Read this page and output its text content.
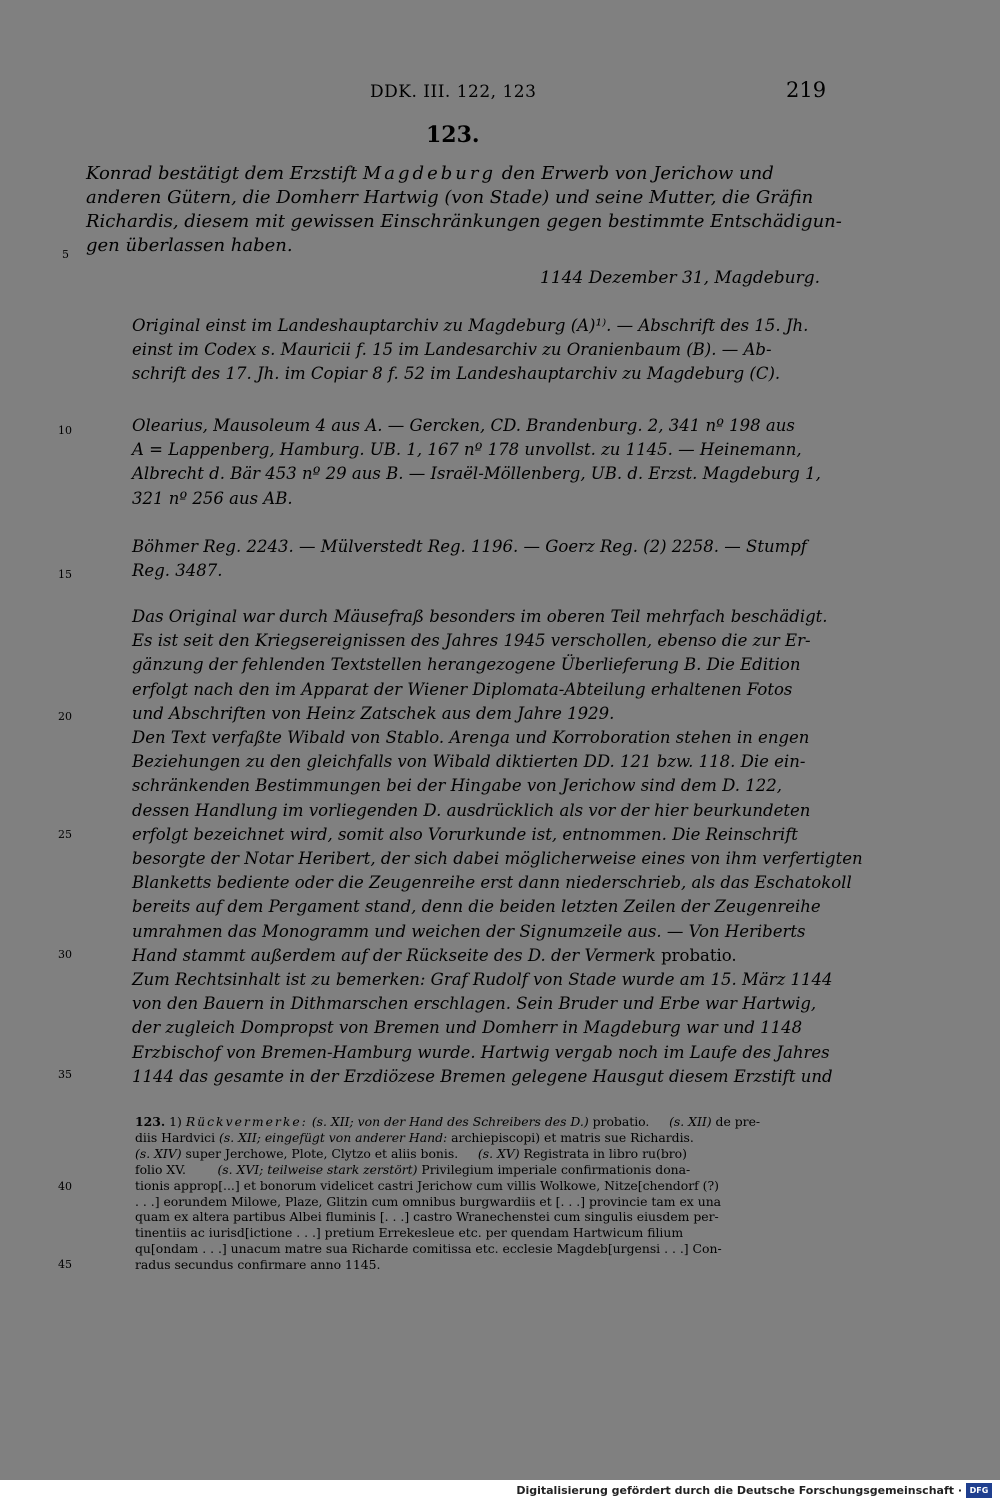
DDK. III. 122, 123	219
123.
Konrad bestätigt dem Erzstift Magdeburg den Erwerb von Jerichow und
anderen Gütern, die Domherr Hartwig (von Stade) und seine Mutter, die Gräfin
Richardis, diesem mit gewissen Einschränkungen gegen bestimmte Entschädigun-
gen überlassen haben.
1144 Dezember 31, Magdeburg.
Original einst im Landeshauptarchiv zu Magdeburg (A)¹⁾. — Abschrift des 15. Jh.
einst im Codex s. Mauricii f. 15 im Landesarchiv zu Oranienbaum (B). — Ab-
schrift des 17. Jh. im Copiar 8 f. 52 im Landeshauptarchiv zu Magdeburg (C).
Olearius, Mausoleum 4 aus A. — Gercken, CD. Brandenburg. 2, 341 nº 198 aus
A = Lappenberg, Hamburg. UB. 1, 167 nº 178 unvollst. zu 1145. — Heinemann,
Albrecht d. Bär 453 nº 29 aus B. — Israël-Möllenberg, UB. d. Erzst. Magdeburg 1,
321 nº 256 aus AB.
Böhmer Reg. 2243. — Mülverstedt Reg. 1196. — Goerz Reg. (2) 2258. — Stumpf
Reg. 3487.
Das Original war durch Mäusefraß besonders im oberen Teil mehrfach beschädigt.
Es ist seit den Kriegsereignissen des Jahres 1945 verschollen, ebenso die zur Er-
gänzung der fehlenden Textstellen herangezogene Überlieferung B. Die Edition
erfolgt nach den im Apparat der Wiener Diplomata-Abteilung erhaltenen Fotos
und Abschriften von Heinz Zatschek aus dem Jahre 1929.
Den Text verfaßte Wibald von Stablo. Arenga und Korroboration stehen in engen
Beziehungen zu den gleichfalls von Wibald diktierten DD. 121 bzw. 118. Die ein-
schränkenden Bestimmungen bei der Hingabe von Jerichow sind dem D. 122,
dessen Handlung im vorliegenden D. ausdrücklich als vor der hier beurkundeten
erfolgt bezeichnet wird, somit also Vorurkunde ist, entnommen. Die Reinschrift
besorgte der Notar Heribert, der sich dabei möglicherweise eines von ihm verfertigten
Blanketts bediente oder die Zeugenreihe erst dann niederschrieb, als das Eschatokoll
bereits auf dem Pergament stand, denn die beiden letzten Zeilen der Zeugenreihe
umrahmen das Monogramm und weichen der Signumzeile aus. — Von Heriberts
Hand stammt außerdem auf der Rückseite des D. der Vermerk probatio.
Zum Rechtsinhalt ist zu bemerken: Graf Rudolf von Stade wurde am 15. März 1144
von den Bauern in Dithmarschen erschlagen. Sein Bruder und Erbe war Hartwig,
der zugleich Dompropst von Bremen und Domherr in Magdeburg war und 1148
Erzbischof von Bremen-Hamburg wurde. Hartwig vergab noch im Laufe des Jahres
1144 das gesamte in der Erzdiözese Bremen gelegene Hausgut diesem Erzstift und
123. 1) Rückvermerke: (s. XII; von der Hand des Schreibers des D.) probatio. (s. XII) de pre-
diis Hardvici (s. XII; eingefügt von anderer Hand: archiepiscopi) et matris sue Richardis.
(s. XIV) super Jerchowe, Plote, Clytzo et aliis bonis. (s. XV) Registrata in libro ru(bro)
folio XV.	(s. XVI; teilweise stark zerstört) Privilegium imperiale confirmationis dona-
tionis approp[...] et bonorum videlicet castri Jerichow cum villis Wolkowe, Nitze[chendorf (?)
. . .] eorundem Milowe, Plaze, Glitzin cum omnibus burgwardiis et [. . .] provincie tam ex una
quam ex altera partibus Albei fluminis [. . .] castro Wranechenstei cum singulis eiusdem per-
tinentiis ac iurisd[ictione . . .] pretium Errekesleue etc. per quendam Hartwicum filium
qu[ondam . . .] unacum matre sua Richarde comitissa etc. ecclesie Magdeb[urgensi . . .] Con-
radus secundus confirmare anno 1145.
5
10
15
20
25
30
35
40
45
Digitalisierung gefördert durch die Deutsche Forschungsgemeinschaft · DFG
